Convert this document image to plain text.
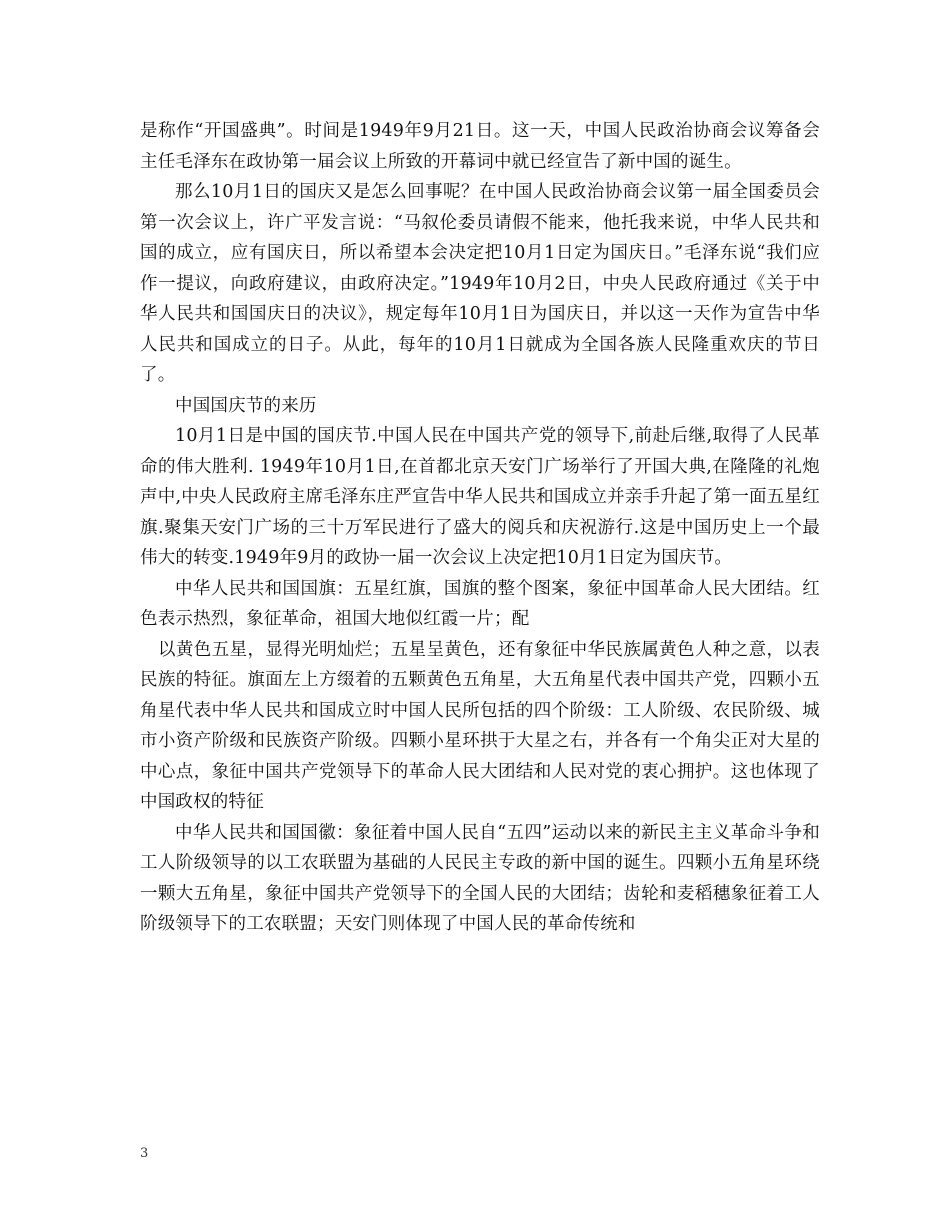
是称作“开国盛典”。时间是1949年9月21日。这一天，中国人民政治协商会议筹备会主任毛泽东在政协第一届会议上所致的开幕词中就已经宣告了新中国的诞生。

那么10月1日的国庆又是怎么回事呢？在中国人民政治协商会议第一届全国委员会第一次会议上，许广平发言说：“马叙伦委员请假不能来，他托我来说，中华人民共和国的成立，应有国庆日，所以希望本会决定把10月1日定为国庆日。”毛泽东说“我们应作一提议，向政府建议，由政府决定。”1949年10月2日，中央人民政府通过《关于中华人民共和国国庆日的决议》，规定每年10月1日为国庆日，并以这一天作为宣告中华人民共和国成立的日子。从此，每年的10月1日就成为全国各族人民隆重欢庆的节日了。

中国国庆节的来历

10月1日是中国的国庆节.中国人民在中国共产党的领导下,前赴后继,取得了人民革命的伟大胜利. 1949年10月1日,在首都北京天安门广场举行了开国大典,在隆隆的礼炮声中,中央人民政府主席毛泽东庄严宣告中华人民共和国成立并亲手升起了第一面五星红旗.聚集天安门广场的三十万军民进行了盛大的阅兵和庆祝游行.这是中国历史上一个最伟大的转变.1949年9月的政协一届一次会议上决定把10月1日定为国庆节。

中华人民共和国国旗：五星红旗，国旗的整个图案，象征中国革命人民大团结。红色表示热烈，象征革命，祖国大地似红霞一片；配

以黄色五星，显得光明灿烂；五星呈黄色，还有象征中华民族属黄色人种之意，以表民族的特征。旗面左上方缀着的五颗黄色五角星，大五角星代表中国共产党，四颗小五角星代表中华人民共和国成立时中国人民所包括的四个阶级：工人阶级、农民阶级、城市小资产阶级和民族资产阶级。四颗小星环拱于大星之右，并各有一个角尖正对大星的中心点，象征中国共产党领导下的革命人民大团结和人民对党的衷心拥护。这也体现了中国政权的特征

中华人民共和国国徽：象征着中国人民自“五四”运动以来的新民主主义革命斗争和工人阶级领导的以工农联盟为基础的人民民主专政的新中国的诞生。四颗小五角星环绕一颗大五角星，象征中国共产党领导下的全国人民的大团结；齿轮和麦稻穗象征着工人阶级领导下的工农联盟；天安门则体现了中国人民的革命传统和

3
